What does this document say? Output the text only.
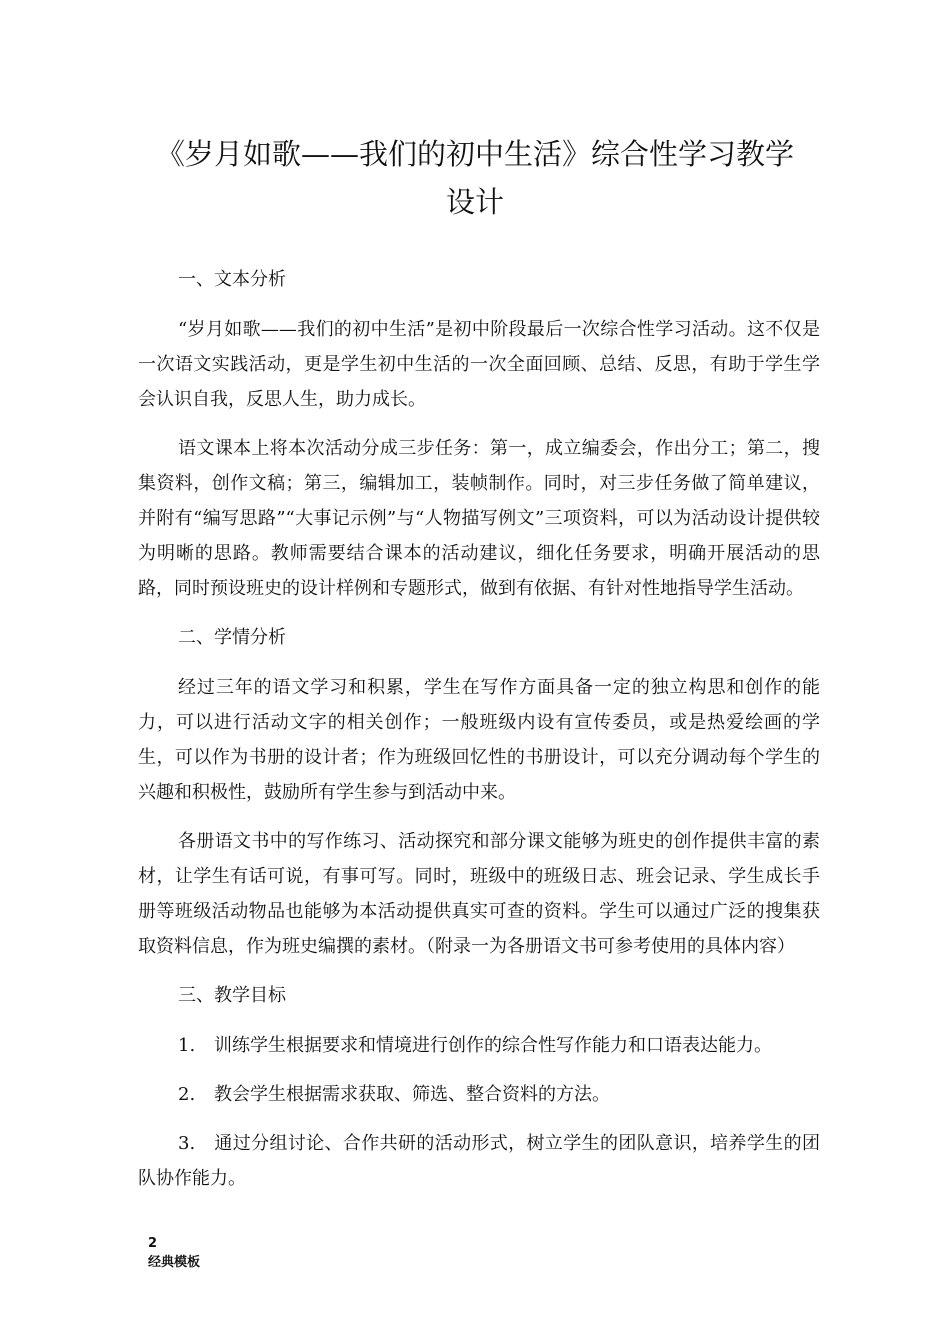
《岁月如歌——我们的初中生活》综合性学习教学
设计

一、文本分析

“岁月如歌——我们的初中生活”是初中阶段最后一次综合性学习活动。这不仅是一次语文实践活动，更是学生初中生活的一次全面回顾、总结、反思，有助于学生学会认识自我，反思人生，助力成长。

语文课本上将本次活动分成三步任务：第一，成立编委会，作出分工；第二，搜集资料，创作文稿；第三，编辑加工，装帧制作。同时，对三步任务做了简单建议，并附有“编写思路”“大事记示例”与“人物描写例文”三项资料，可以为活动设计提供较为明晰的思路。教师需要结合课本的活动建议，细化任务要求，明确开展活动的思路，同时预设班史的设计样例和专题形式，做到有依据、有针对性地指导学生活动。

二、学情分析

经过三年的语文学习和积累，学生在写作方面具备一定的独立构思和创作的能力，可以进行活动文字的相关创作；一般班级内设有宣传委员，或是热爱绘画的学生，可以作为书册的设计者；作为班级回忆性的书册设计，可以充分调动每个学生的兴趣和积极性，鼓励所有学生参与到活动中来。

各册语文书中的写作练习、活动探究和部分课文能够为班史的创作提供丰富的素材，让学生有话可说，有事可写。同时，班级中的班级日志、班会记录、学生成长手册等班级活动物品也能够为本活动提供真实可查的资料。学生可以通过广泛的搜集获取资料信息，作为班史编撰的素材。（附录一为各册语文书可参考使用的具体内容）

三、教学目标

1. 训练学生根据要求和情境进行创作的综合性写作能力和口语表达能力。

2. 教会学生根据需求获取、筛选、整合资料的方法。

3. 通过分组讨论、合作共研的活动形式，树立学生的团队意识，培养学生的团队协作能力。

2
经典模板
